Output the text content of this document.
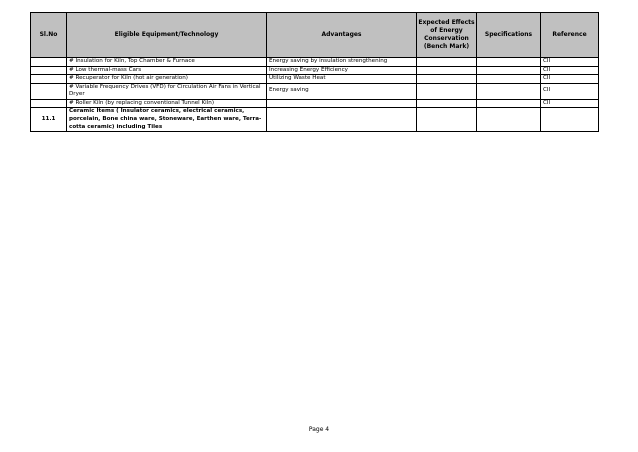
Sl.No	Eligible Equipment/Technology	Advantages	Expected Effects of Energy Conservation (Bench Mark)	Specifications	Reference
	# Insulation for Kiln, Top Chamber & Furnace	Energy saving by insulation strengthening			CII
	# Low thermal-mass Cars	Increasing Energy Efficiency			CII
	# Recuperator for Kiln (hot air generation)	Utilizing Waste Heat			CII
	# Variable Frequency Drives (VFD) for Circulation Air Fans in Vertical Dryer	Energy saving			CII
	# Roller Kiln (by replacing conventional Tunnel Kiln)				CII
11.1	Ceramic Items ( Insulator ceramics, electrical ceramics, porcelain, Bone china ware, Stoneware, Earthen ware, Terra-cotta ceramic) including Tiles				
Page 4
